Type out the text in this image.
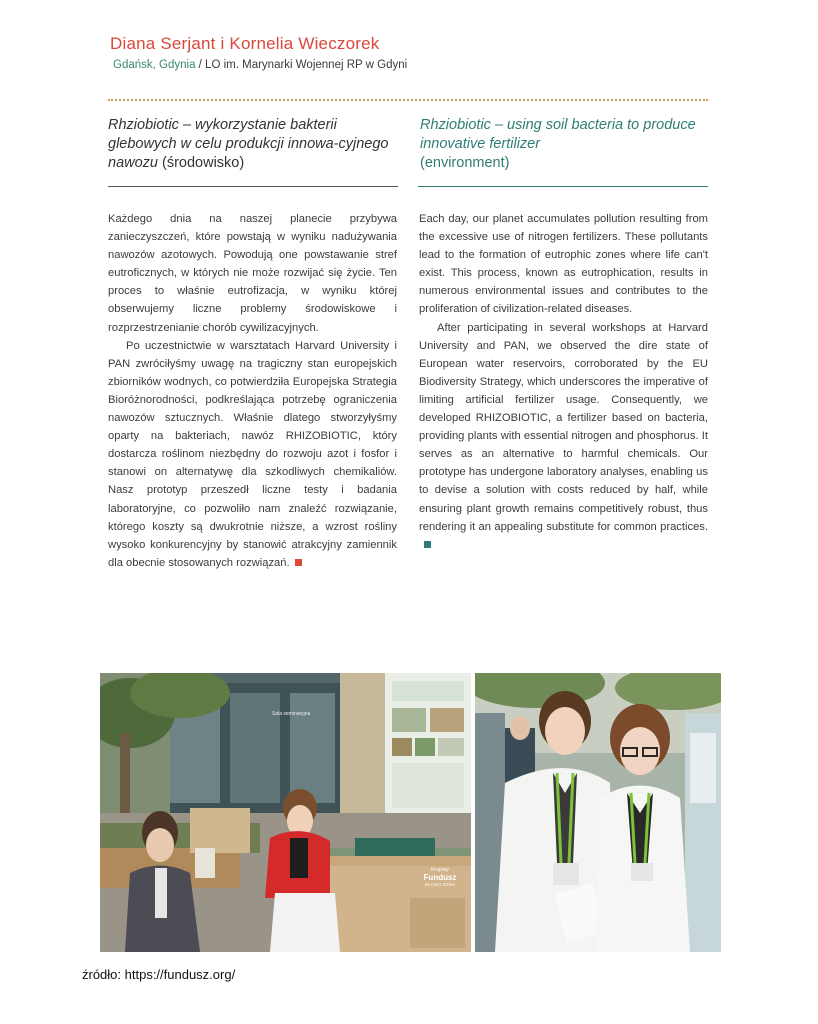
Diana Serjant i Kornelia Wieczorek
Gdańsk, Gdynia / LO im. Marynarki Wojennej RP w Gdyni
Rhziobiotic – wykorzystanie bakterii glebowych w celu produkcji innowa-cyjnego nawozu (środowisko)
Rhziobiotic – using soil bacteria to produce innovative fertilizer
(environment)

Każdego dnia na naszej planecie przybywa zanieczyszczeń, które powstają w wyniku nadużywania nawozów azotowych. Powodują one powstawanie stref eutroficznych, w których nie może rozwijać się życie. Ten proces to właśnie eutrofizacja, w wyniku której obserwujemy liczne problemy środowiskowe i rozprzestrzenianie chorób cywilizacyjnych.

Po uczestnictwie w warsztatach Harvard University i PAN zwróciłyśmy uwagę na tragiczny stan europejskich zbiorników wodnych, co potwierdziła Europejska Strategia Bioróżnorodności, podkreślająca potrzebę ograniczenia nawozów sztucznych. Właśnie dlatego stworzyłyśmy oparty na bakteriach, nawóz RHIZOBIOTIC, który dostarcza roślinom niezbędny do rozwoju azot i fosfor i stanowi on alternatywę dla szkodliwych chemikaliów. Nasz prototyp przeszedł liczne testy i badania laboratoryjne, co pozwoliło nam znaleźć rozwiązanie, którego koszty są dwukrotnie niższe, a wzrost rośliny wysoko konkurencyjny by stanowić atrakcyjny zamiennik dla obecnie stosowanych rozwiązań.

Each day, our planet accumulates pollution resulting from the excessive use of nitrogen fertilizers. These pollutants lead to the formation of eutrophic zones where life can't exist. This process, known as eutrophication, results in numerous environmental issues and contributes to the proliferation of civilization-related diseases.

After participating in several workshops at Harvard University and PAN, we observed the dire state of European water reservoirs, corroborated by the EU Biodiversity Strategy, which underscores the imperative of limiting artificial fertilizer usage. Consequently, we developed RHIZOBIOTIC, a fertilizer based on bacteria, providing plants with essential nitrogen and phosphorus. It serves as an alternative to harmful chemicals. Our prototype has undergone laboratory analyses, enabling us to devise a solution with costs reduced by half, while ensuring plant growth remains competitively robust, thus rendering it an appealing substitute for common practices.

Sala seminaryjna
Krajowy
Fundusz
na rzecz Dzieci
źródło: https://fundusz.org/
